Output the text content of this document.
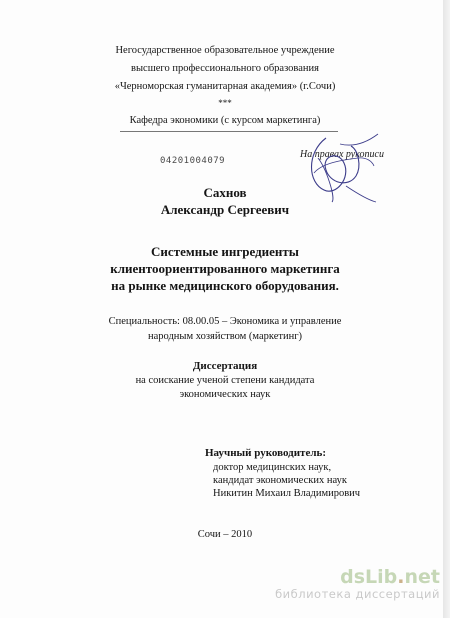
Негосударственное образовательное учреждение
высшего профессионального образования
«Черноморская гуманитарная академия» (г.Сочи)
***
Кафедра экономики (с курсом маркетинга)
04201004079
На правах рукописи
Сахнов
Александр Сергеевич
Системные ингредиенты
клиентоориентированного маркетинга
на рынке медицинского оборудования.
Специальность: 08.00.05 – Экономика и управление
народным хозяйством (маркетинг)
Диссертация
на соискание ученой степени кандидата
экономических наук
Научный руководитель:
доктор медицинских наук,
кандидат экономических наук
Никитин Михаил Владимирович
Сочи – 2010
dsLib.net
библиотека диссертаций
